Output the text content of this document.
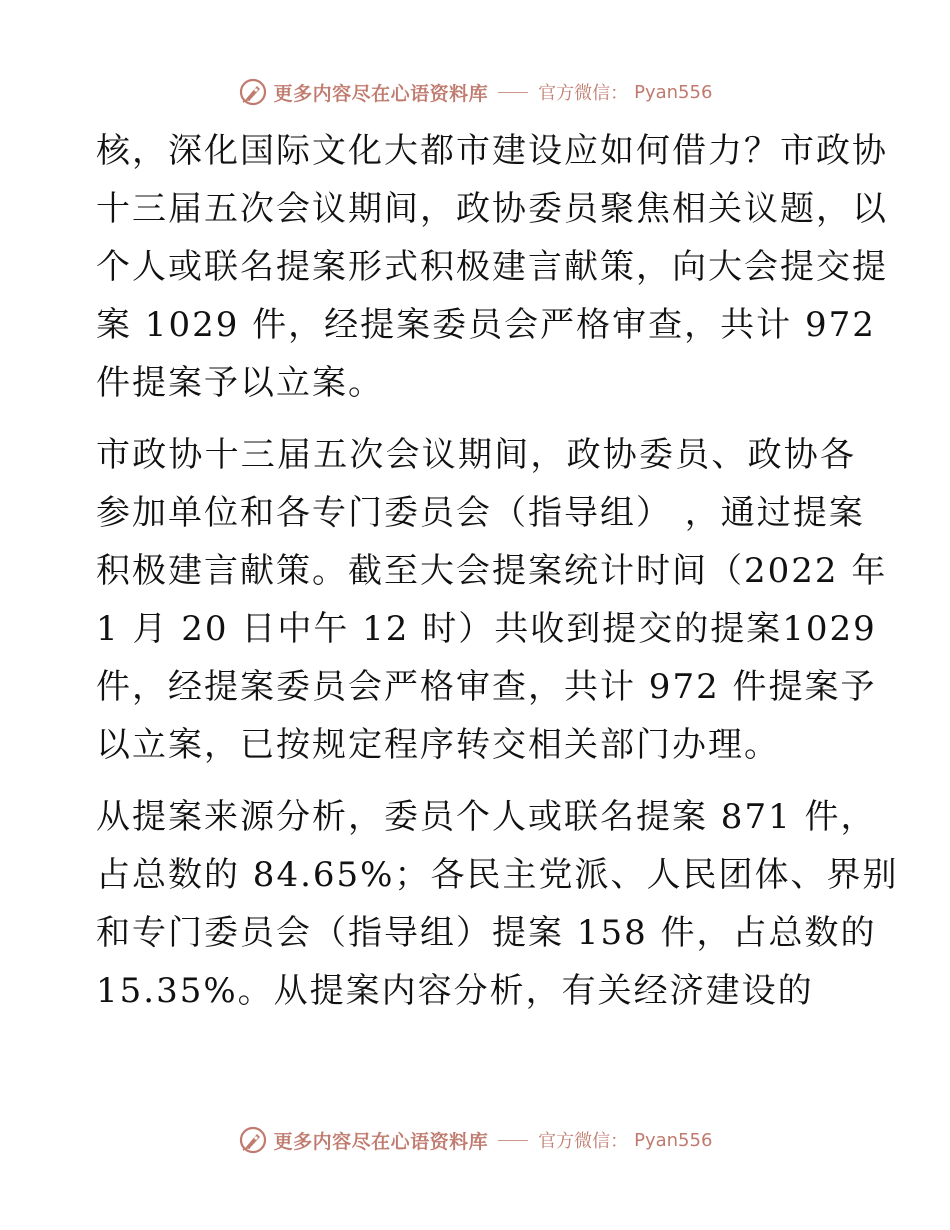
更多内容尽在心语资料库	官方微信： Pyan556

核，深化国际文化大都市建设应如何借力？市政协
十三届五次会议期间，政协委员聚焦相关议题，以
个人或联名提案形式积极建言献策，向大会提交提
案 1029 件，经提案委员会严格审查，共计 972
件提案予以立案。

市政协十三届五次会议期间，政协委员、政协各
参加单位和各专门委员会（指导组） ，通过提案
积极建言献策。截至大会提案统计时间（2022 年
1 月 20 日中午 12 时）共收到提交的提案1029
件，经提案委员会严格审查，共计 972 件提案予
以立案，已按规定程序转交相关部门办理。

从提案来源分析，委员个人或联名提案 871 件，
占总数的 84.65%；各民主党派、人民团体、界别
和专门委员会（指导组）提案 158 件，占总数的
15.35%。从提案内容分析，有关经济建设的

更多内容尽在心语资料库	官方微信： Pyan556
